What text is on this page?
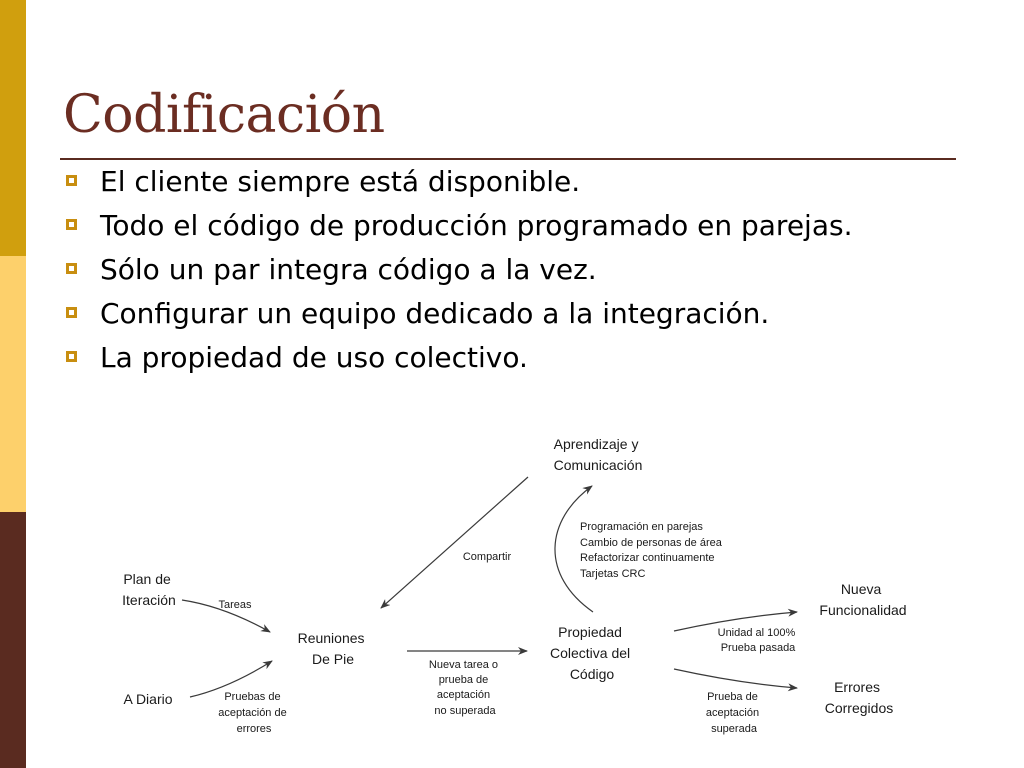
Codificación
El cliente siempre está disponible.
Todo el código de producción programado en parejas.
Sólo un par integra código a la vez.
Configurar un equipo dedicado a la integración.
La propiedad de uso colectivo.
Aprendizaje y Comunicación
Plan de Iteración
A Diario
Reuniones De Pie
Propiedad Colectiva del Código
Nueva Funcionalidad
Errores Corregidos
Compartir
Programación en parejas Cambio de personas de área Refactorizar continuamente Tarjetas CRC
Tareas
Pruebas de aceptación de errores
Nueva tarea o prueba de aceptación no superada
Unidad al 100% Prueba pasada
Prueba de aceptación superada
